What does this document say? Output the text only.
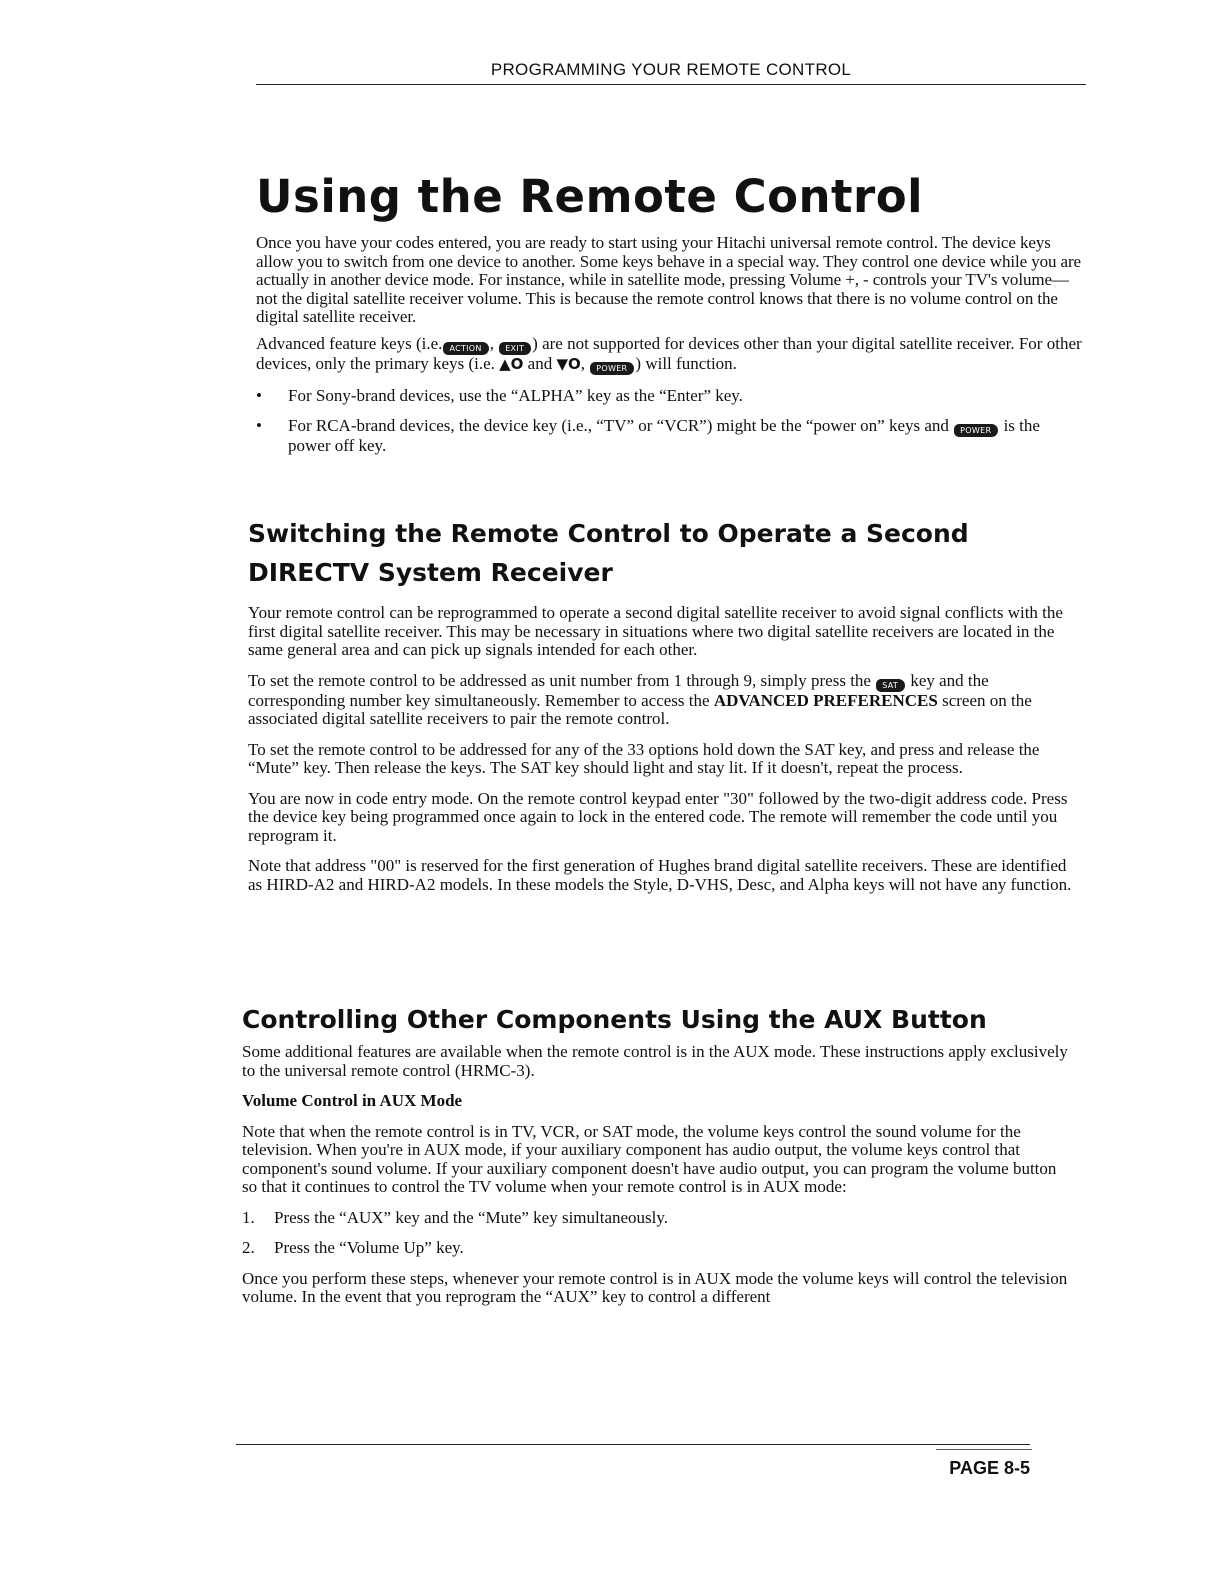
PROGRAMMING YOUR REMOTE CONTROL
Using the Remote Control

Once you have your codes entered, you are ready to start using your Hitachi universal remote control. The device keys allow you to switch from one device to another. Some keys behave in a special way. They control one device while you are actually in another device mode. For instance, while in satellite mode, pressing Volume +, - controls your TV's volume—not the digital satellite receiver volume. This is because the remote control knows that there is no volume control on the digital satellite receiver.

Advanced feature keys (i.e. ACTION , EXIT ) are not supported for devices other than your digital satellite receiver. For other devices, only the primary keys (i.e. ▲O and ▼O, POWER ) will function.

• For Sony-brand devices, use the “ALPHA” key as the “Enter” key.
• For RCA-brand devices, the device key (i.e., “TV” or “VCR”) might be the “power on” keys and POWER is the power off key.
Switching the Remote Control to Operate a Second DIRECTV System Receiver

Your remote control can be reprogrammed to operate a second digital satellite receiver to avoid signal conflicts with the first digital satellite receiver. This may be necessary in situations where two digital satellite receivers are located in the same general area and can pick up signals intended for each other.

To set the remote control to be addressed as unit number from 1 through 9, simply press the SAT key and the corresponding number key simultaneously. Remember to access the ADVANCED PREFERENCES screen on the associated digital satellite receivers to pair the remote control.

To set the remote control to be addressed for any of the 33 options hold down the SAT key, and press and release the “Mute” key. Then release the keys. The SAT key should light and stay lit. If it doesn't, repeat the process.

You are now in code entry mode. On the remote control keypad enter "30" followed by the two-digit address code. Press the device key being programmed once again to lock in the entered code. The remote will remember the code until you reprogram it.

Note that address "00" is reserved for the first generation of Hughes brand digital satellite receivers. These are identified as HIRD-A2 and HIRD-A2 models. In these models the Style, D-VHS, Desc, and Alpha keys will not have any function.

Controlling Other Components Using the AUX Button

Some additional features are available when the remote control is in the AUX mode. These instructions apply exclusively to the universal remote control (HRMC-3).

Volume Control in AUX Mode

Note that when the remote control is in TV, VCR, or SAT mode, the volume keys control the sound volume for the television. When you're in AUX mode, if your auxiliary component has audio output, the volume keys control that component's sound volume. If your auxiliary component doesn't have audio output, you can program the volume button so that it continues to control the TV volume when your remote control is in AUX mode:

1. Press the “AUX” key and the “Mute” key simultaneously.
2. Press the “Volume Up” key.

Once you perform these steps, whenever your remote control is in AUX mode the volume keys will control the television volume. In the event that you reprogram the “AUX” key to control a different

PAGE 8-5
